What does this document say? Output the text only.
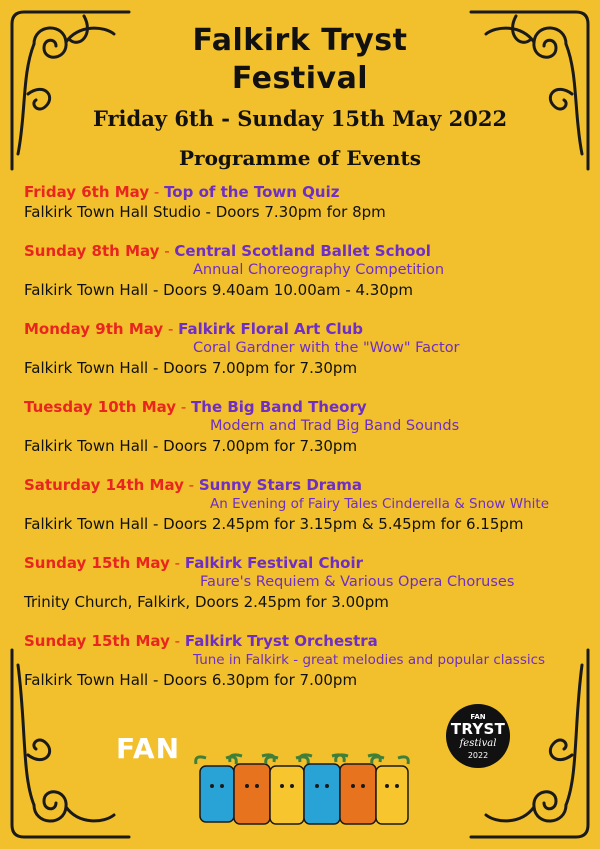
Falkirk Tryst
Festival
Friday 6th - Sunday 15th May 2022
Programme of Events
Friday 6th May - Top of the Town Quiz
Falkirk Town Hall Studio - Doors 7.30pm for 8pm
Sunday 8th May - Central Scotland Ballet School
Annual Choreography Competition
Falkirk Town Hall - Doors 9.40am 10.00am - 4.30pm
Monday 9th May - Falkirk Floral Art Club
Coral Gardner with the "Wow" Factor
Falkirk Town Hall - Doors 7.00pm for 7.30pm
Tuesday 10th May - The Big Band Theory
Modern and Trad Big Band Sounds
Falkirk Town Hall - Doors 7.00pm for 7.30pm
Saturday 14th May - Sunny Stars Drama
An Evening of Fairy Tales Cinderella & Snow White
Falkirk Town Hall - Doors 2.45pm for 3.15pm & 5.45pm for 6.15pm
Sunday 15th May - Falkirk Festival Choir
Faure's Requiem & Various Opera Choruses
Trinity Church, Falkirk, Doors 2.45pm for 3.00pm
Sunday 15th May - Falkirk Tryst Orchestra
Tune in Falkirk - great melodies and popular classics
Falkirk Town Hall - Doors 6.30pm for 7.00pm
FAN
FAN
TRYST
festival
2022
